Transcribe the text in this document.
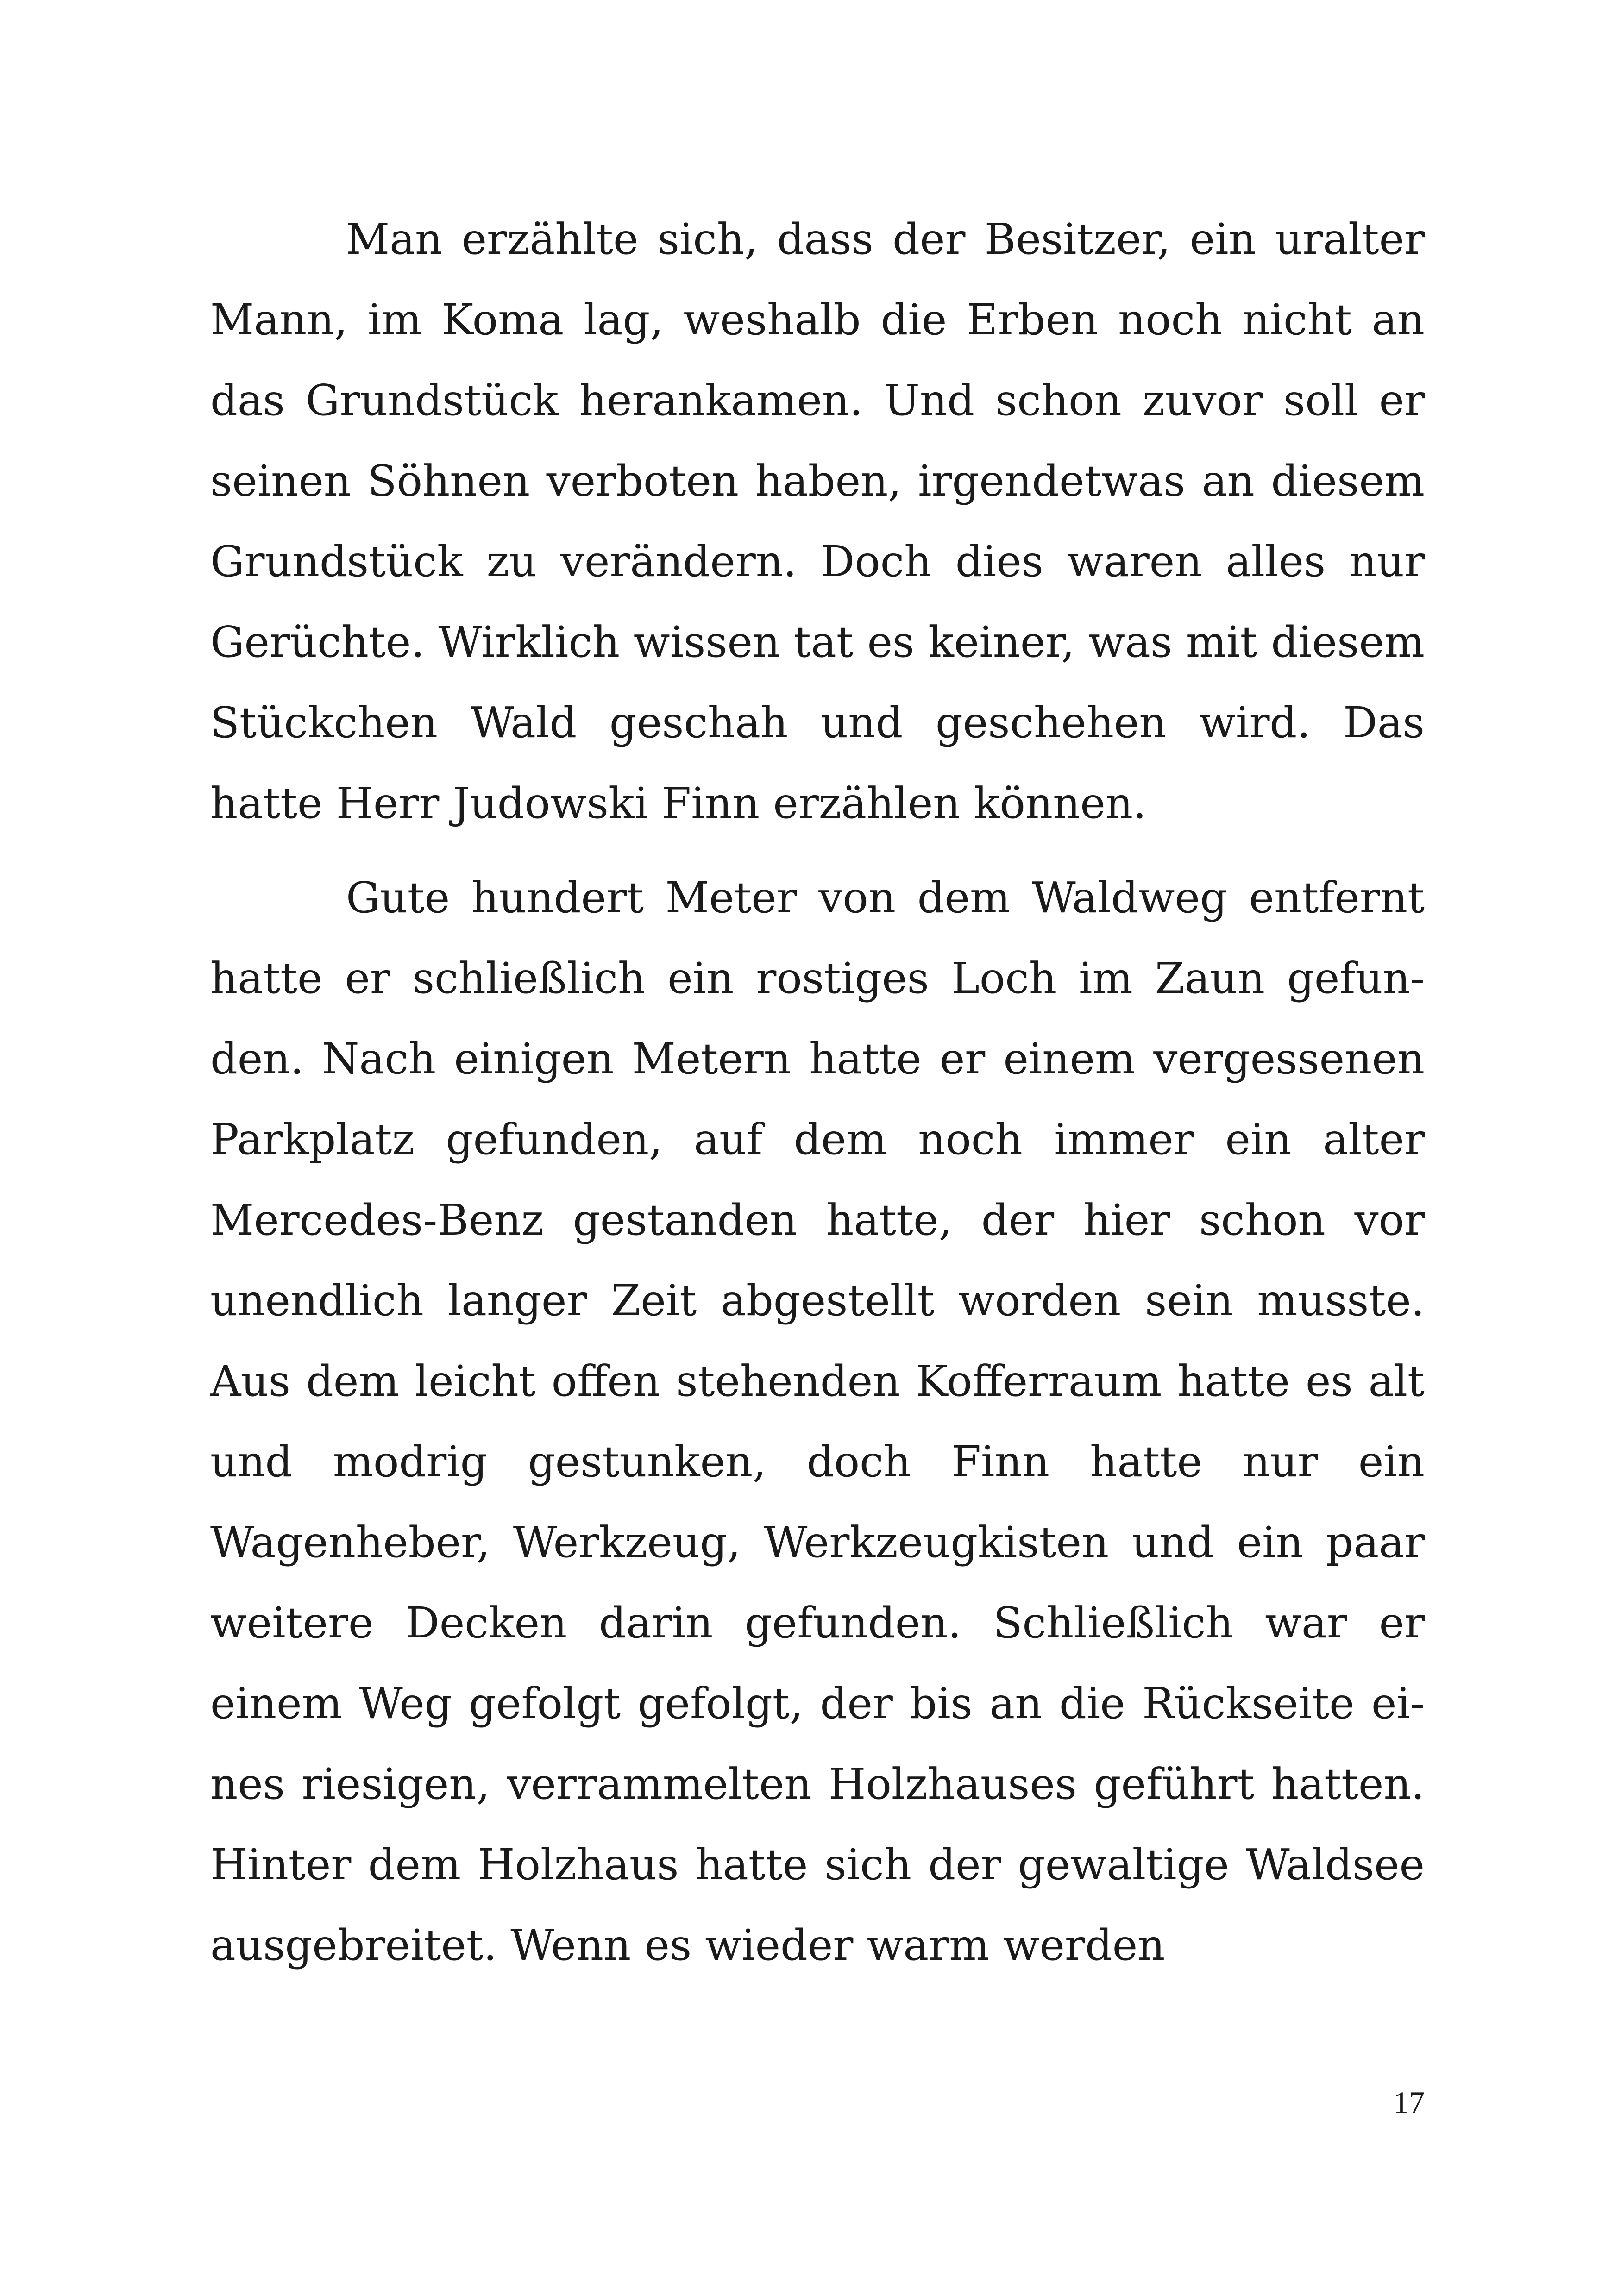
Man erzählte sich, dass der Besitzer, ein uralter Mann, im Koma lag, weshalb die Erben noch nicht an das Grundstück herankamen. Und schon zuvor soll er seinen Söhnen verboten haben, irgendetwas an diesem Grundstück zu verändern. Doch dies waren alles nur Gerüchte. Wirklich wissen tat es keiner, was mit diesem Stückchen Wald geschah und geschehen wird. Das hatte Herr Judowski Finn erzählen können.

Gute hundert Meter von dem Waldweg entfernt hatte er schließlich ein rostiges Loch im Zaun gefunden. Nach einigen Metern hatte er einem vergessenen Parkplatz gefunden, auf dem noch immer ein alter Mercedes-Benz gestanden hatte, der hier schon vor unendlich langer Zeit abgestellt worden sein musste. Aus dem leicht offen stehenden Kofferraum hatte es alt und modrig gestunken, doch Finn hatte nur ein Wagenheber, Werkzeug, Werkzeugkisten und ein paar weitere Decken darin gefunden. Schließlich war er einem Weg gefolgt gefolgt, der bis an die Rückseite eines riesigen, verrammelten Holzhauses geführt hatten. Hinter dem Holzhaus hatte sich der gewaltige Waldsee ausgebreitet. Wenn es wieder warm werden

17
